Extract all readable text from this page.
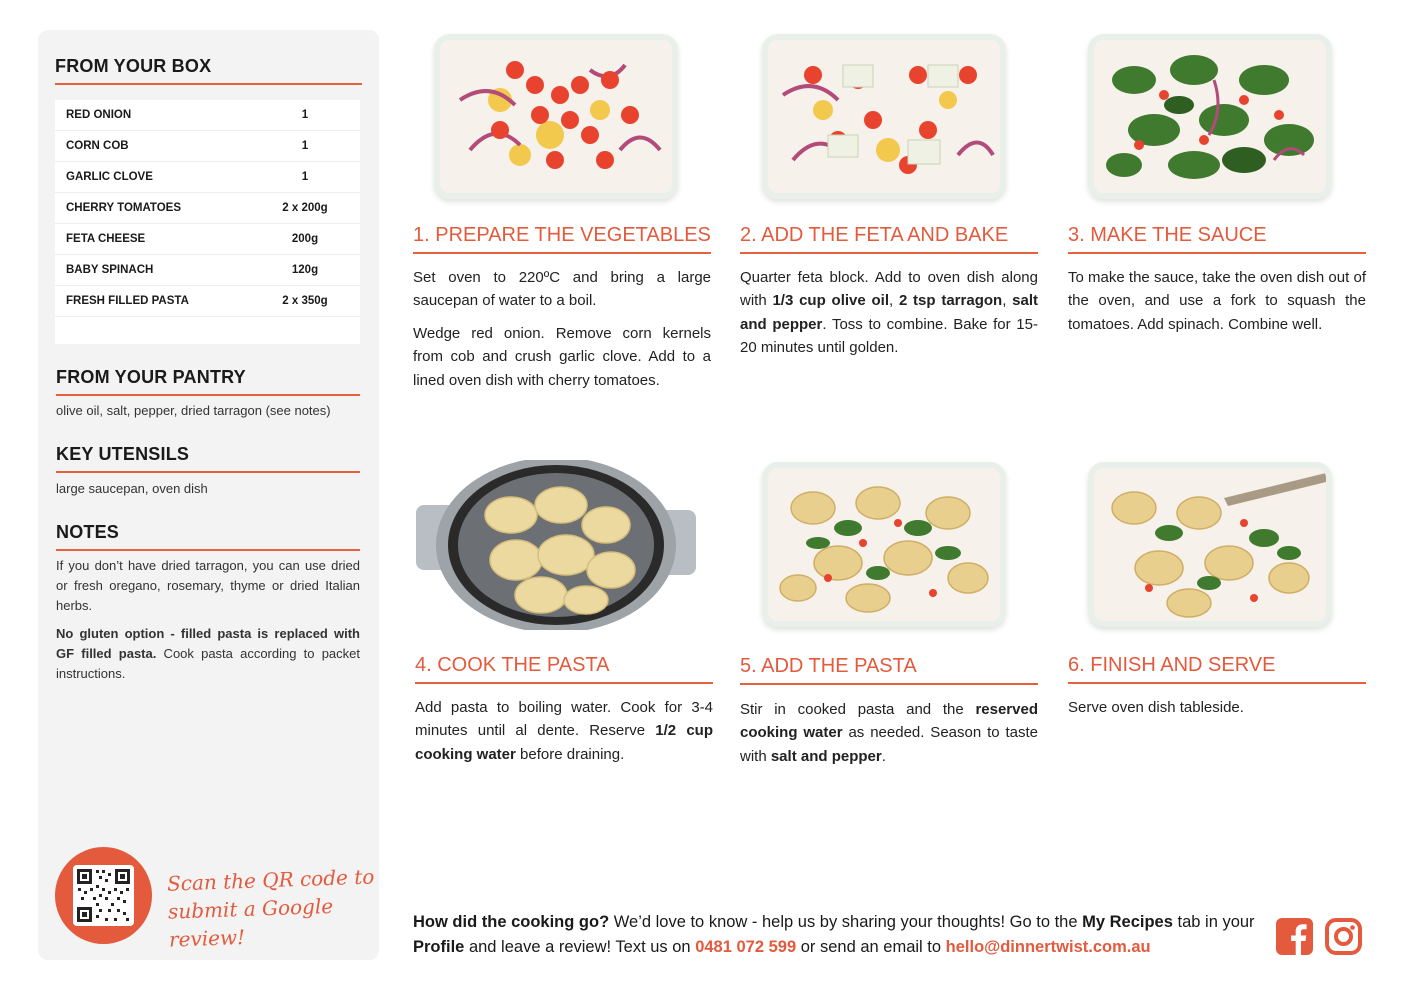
FROM YOUR BOX
RED ONION	1
CORN COB	1
GARLIC CLOVE	1
CHERRY TOMATOES	2 x 200g
FETA CHEESE	200g
BABY SPINACH	120g
FRESH FILLED PASTA	2 x 350g
FROM YOUR PANTRY
olive oil, salt, pepper, dried tarragon (see notes)
KEY UTENSILS
large saucepan, oven dish
NOTES
If you don’t have dried tarragon, you can use dried or fresh oregano, rosemary, thyme or dried Italian herbs.
No gluten option - filled pasta is replaced with GF filled pasta. Cook pasta according to packet instructions.
Scan the QR code to
submit a Google review!
1. PREPARE THE VEGETABLES 2. ADD THE FETA AND BAKE	3. MAKE THE SAUCE
4. COOK THE PASTA	5. ADD THE PASTA	6. FINISH AND SERVE

Set oven to 220ºC and bring a large saucepan of water to a boil.

Wedge red onion. Remove corn kernels from cob and crush garlic clove. Add to a lined oven dish with cherry tomatoes.

Quarter feta block. Add to oven dish along with 1/3 cup olive oil, 2 tsp tarragon, salt and pepper. Toss to combine. Bake for 15-20 minutes until golden.

To make the sauce, take the oven dish out of the oven, and use a fork to squash the tomatoes. Add spinach. Combine well.

Add pasta to boiling water. Cook for 3-4 minutes until al dente. Reserve 1/2 cup cooking water before draining.

Stir in cooked pasta and the reserved cooking water as needed. Season to taste with salt and pepper.

Serve oven dish tableside.

How did the cooking go? We’d love to know - help us by sharing your thoughts! Go to the My Recipes tab in your Profile and leave a review! Text us on 0481 072 599 or send an email to hello@dinnertwist.com.au
